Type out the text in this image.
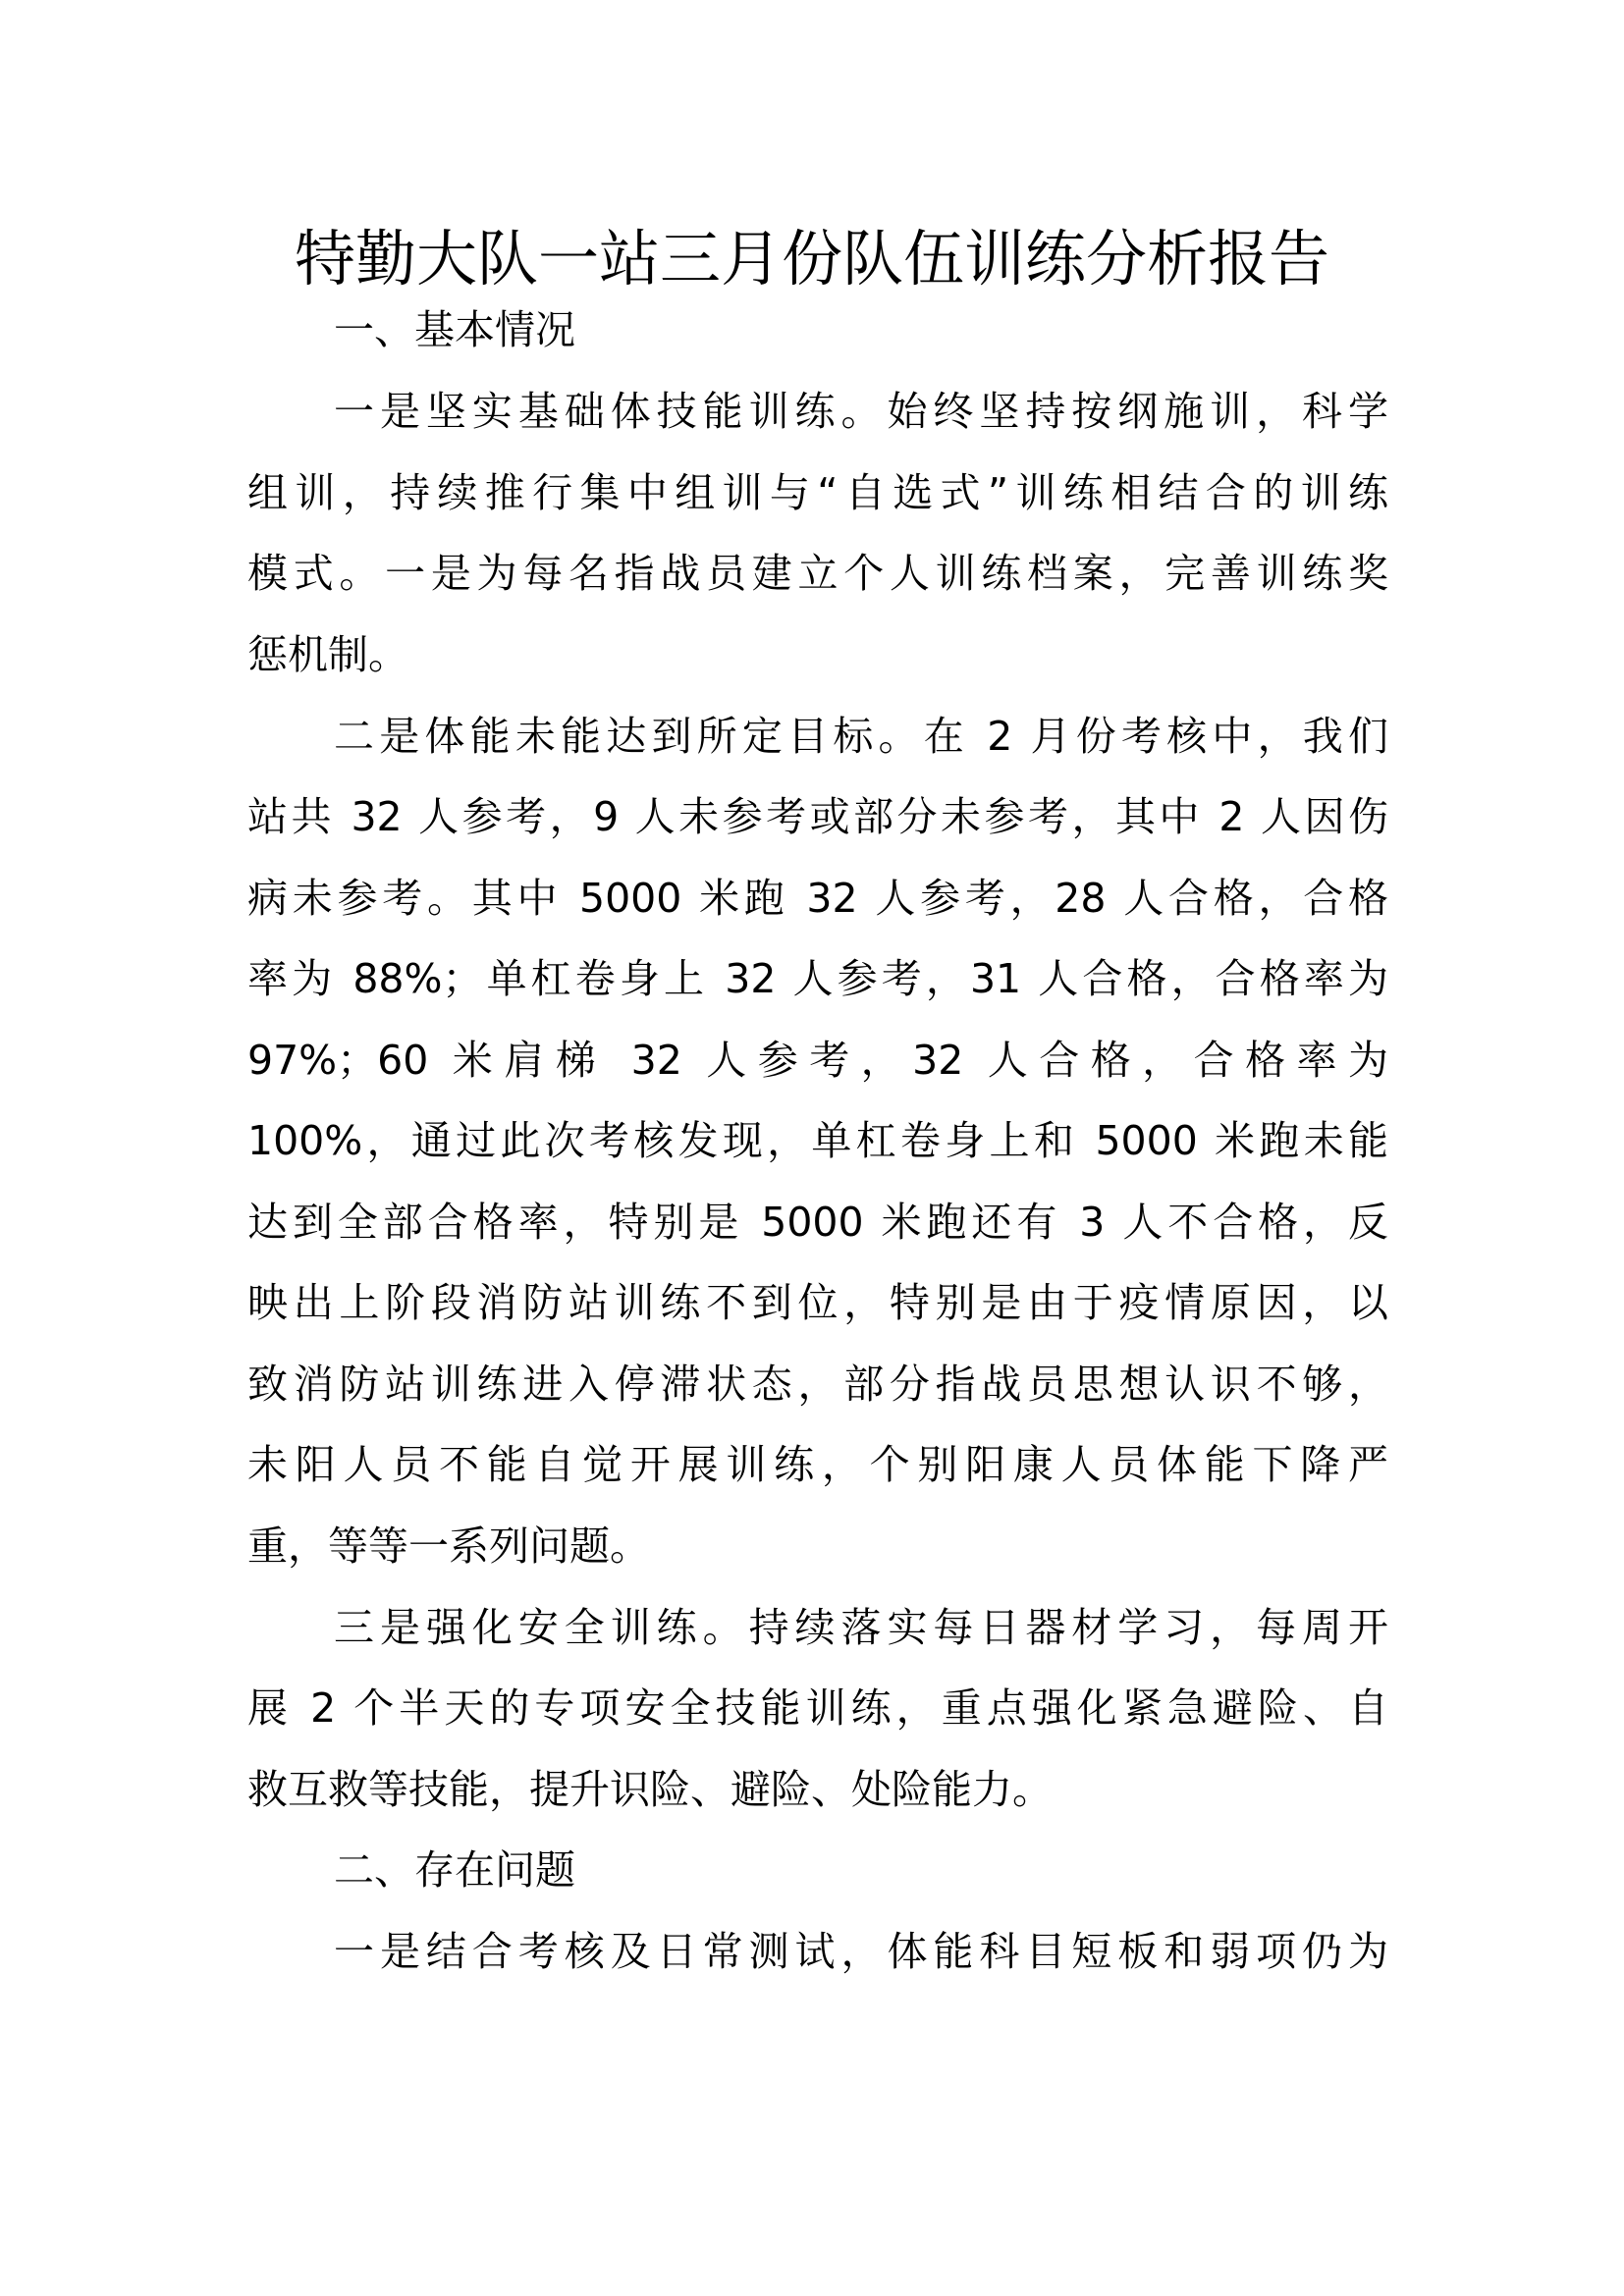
特勤大队一站三月份队伍训练分析报告
一、基本情况
一是坚实基础体技能训练。始终坚持按纲施训，科学
组训，持续推行集中组训与“自选式”训练相结合的训练
模式。一是为每名指战员建立个人训练档案，完善训练奖
惩机制。
二是体能未能达到所定目标。在 2 月份考核中，我们
站共 32 人参考，9 人未参考或部分未参考，其中 2 人因伤
病未参考。其中 5000 米跑 32 人参考，28 人合格，合格
率为 88%；单杠卷身上 32 人参考，31 人合格，合格率为
97%；60 米肩梯 32 人参考，32 人合格，合格率为
100%，通过此次考核发现，单杠卷身上和 5000 米跑未能
达到全部合格率，特别是 5000 米跑还有 3 人不合格，反
映出上阶段消防站训练不到位，特别是由于疫情原因，以
致消防站训练进入停滞状态，部分指战员思想认识不够，
未阳人员不能自觉开展训练，个别阳康人员体能下降严
重，等等一系列问题。
三是强化安全训练。持续落实每日器材学习，每周开
展 2 个半天的专项安全技能训练，重点强化紧急避险、自
救互救等技能，提升识险、避险、处险能力。
二、存在问题
一是结合考核及日常测试，体能科目短板和弱项仍为
